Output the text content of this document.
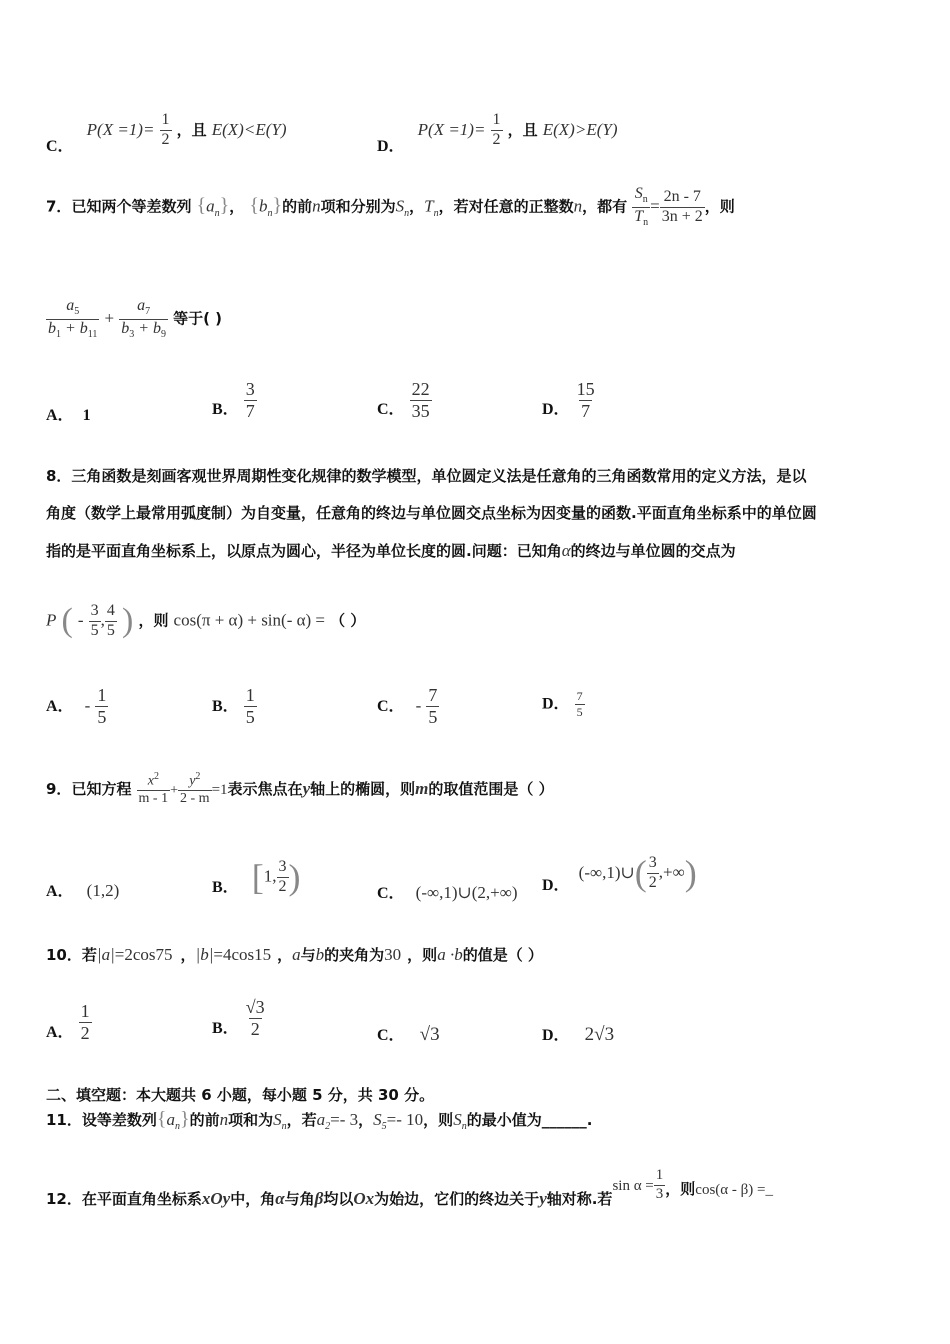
C． $P(X =1)= \frac{1}{2}$ ，且 E(X)<E(Y)
D． $P(X =1)= \frac{1}{2}$ ，且 E(X)>E(Y)
7．已知两个等差数列 $\{a_n\}$， $\{b_n\}$的前n项和分别为$S_n$，$T_n$，若对任意的正整数n，都有 $\frac{S_n}{T_n} = \frac{2n - 7}{3n + 2}$ ，则
$\frac{a_5}{b_1 + b_{11}} + \frac{a_7}{b_3 + b_9}$ 等于( )
A． 1	B． $\frac{3}{7}$	C． $\frac{22}{35}$	D． $\frac{15}{7}$
8．三角函数是刻画客观世界周期性变化规律的数学模型，单位圆定义法是任意角的三角函数常用的定义方法，是以
角度（数学上最常用弧度制）为自变量，任意角的终边与单位圆交点坐标为因变量的函数.平面直角坐标系中的单位圆
指的是平面直角坐标系上，以原点为圆心，半径为单位长度的圆.问题：已知角α的终边与单位圆的交点为
P ( - $\frac{3}{5}$ , $\frac{4}{5}$ ) ，则 cos(π + α) + sin(- α) = （ ）
A． - $\frac{1}{5}$	B． $\frac{1}{5}$	C． - $\frac{7}{5}$	D． $\frac{7}{5}$
9．已知方程 $\frac{x^2}{m - 1} + \frac{y^2}{2 - m} =1$表示焦点在y轴上的椭圆，则m的取值范围是（ ）
A． (1,2)	B． [1, $\frac{3}{2}$ )	C． (-∞,1)∪(2,+∞) D． (-∞,1)∪( $\frac{3}{2}$ ,+∞)
10．若|a|=2cos75 ，|b|=4cos15 ，a与b的夹角为30 ，则a ·b的值是（ ）
A． $\frac{1}{2}$	B． $\frac{√3}{2}$	C． √3	D． 2√3
二、填空题：本大题共 6 小题，每小题 5 分，共 30 分。
11．设等差数列$\{a_n\}$的前n项和为$S_n$，若$a_2=-$ 3，$S_5=-$ 10，则$S_n$的最小值为______.
12．在平面直角坐标系xOy中，角α与角β均以Ox为始边，它们的终边关于y轴对称.若$\sin \alpha = \frac{1}{3}$ ，则cos(α - β) =_
